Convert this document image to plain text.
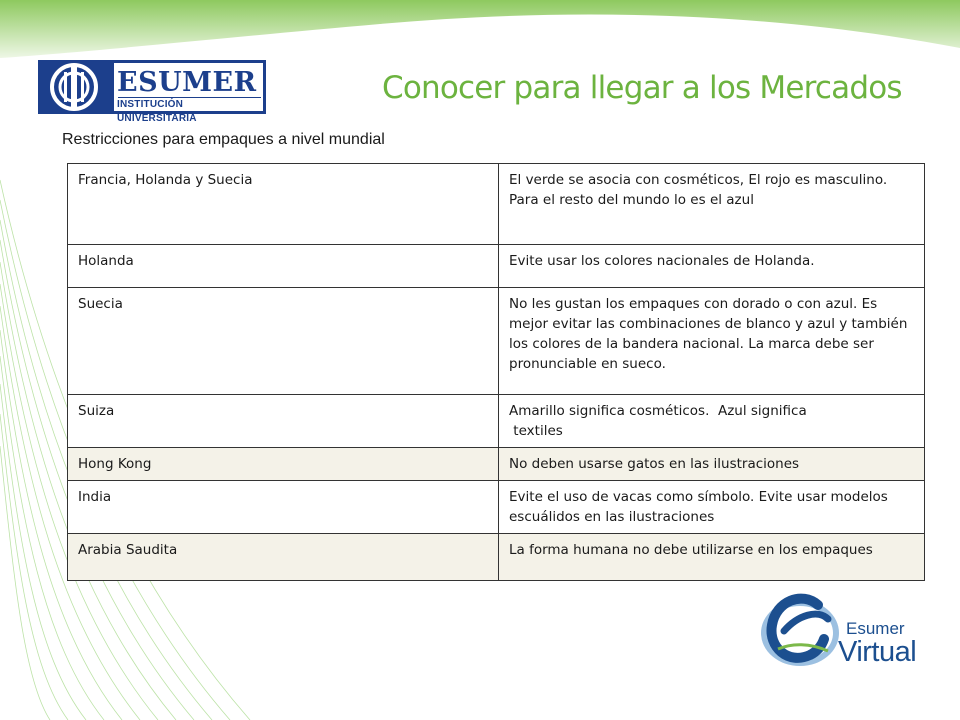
ESUMER
INSTITUCIÓN UNIVERSITARIA
Conocer para llegar a los Mercados
Restricciones para empaques a nivel mundial
Francia, Holanda y Suecia	El verde se asocia con cosméticos, El rojo es masculino.  Para el resto del mundo lo es el azul
Holanda	Evite usar los colores nacionales de Holanda.
Suecia	No les gustan los empaques con dorado o con azul. Es mejor evitar las combinaciones de blanco y azul y también los colores de la bandera nacional. La marca debe ser pronunciable en sueco.
Suiza	Amarillo significa cosméticos.  Azul significa
textiles
Hong Kong	No deben usarse gatos en las ilustraciones
India	Evite el uso de vacas como símbolo. Evite usar modelos escuálidos en las ilustraciones
Arabia Saudita	La forma humana no debe utilizarse en los empaques
Esumer
Virtual
